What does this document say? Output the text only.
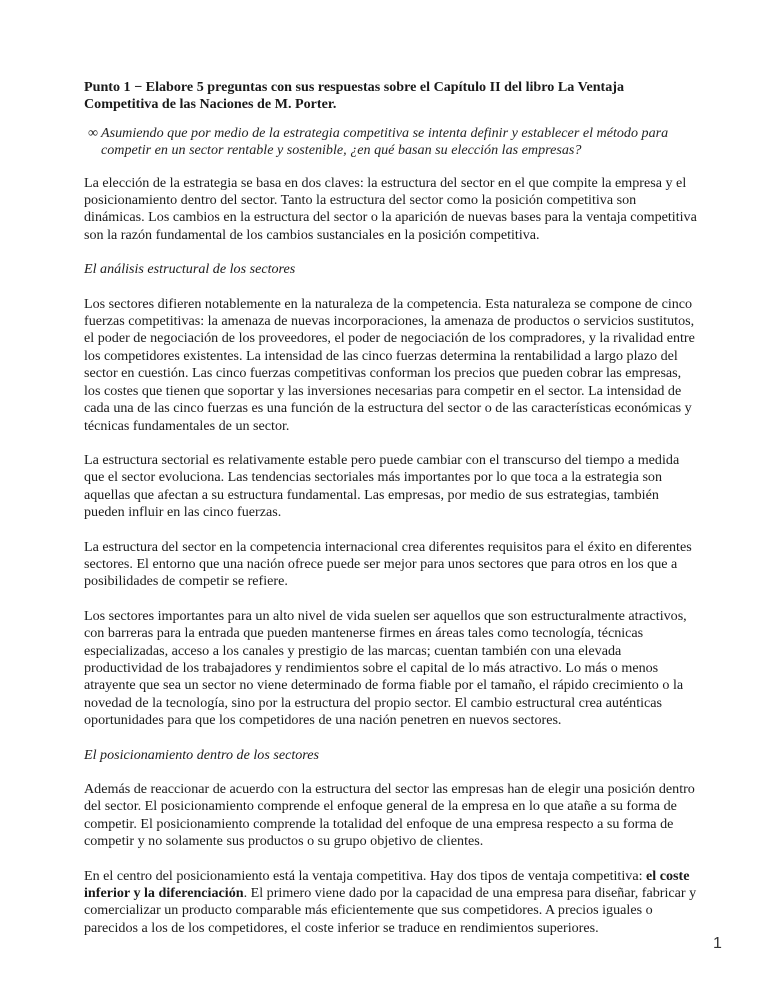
Punto 1 − Elabore 5 preguntas con sus respuestas sobre el Capítulo II del libro La Ventaja Competitiva de las Naciones de M. Porter.
∞ Asumiendo que por medio de la estrategia competitiva se intenta definir y establecer el método para competir en un sector rentable y sostenible, ¿en qué basan su elección las empresas?

La elección de la estrategia se basa en dos claves: la estructura del sector en el que compite la empresa y el posicionamiento dentro del sector. Tanto la estructura del sector como la posición competitiva son dinámicas. Los cambios en la estructura del sector o la aparición de nuevas bases para la ventaja competitiva son la razón fundamental de los cambios sustanciales en la posición competitiva.

El análisis estructural de los sectores

Los sectores difieren notablemente en la naturaleza de la competencia. Esta naturaleza se compone de cinco fuerzas competitivas: la amenaza de nuevas incorporaciones, la amenaza de productos o servicios sustitutos, el poder de negociación de los proveedores, el poder de negociación de los compradores, y la rivalidad entre los competidores existentes. La intensidad de las cinco fuerzas determina la rentabilidad a largo plazo del sector en cuestión. Las cinco fuerzas competitivas conforman los precios que pueden cobrar las empresas, los costes que tienen que soportar y las inversiones necesarias para competir en el sector. La intensidad de cada una de las cinco fuerzas es una función de la estructura del sector o de las características económicas y técnicas fundamentales de un sector.

La estructura sectorial es relativamente estable pero puede cambiar con el transcurso del tiempo a medida que el sector evoluciona. Las tendencias sectoriales más importantes por lo que toca a la estrategia son aquellas que afectan a su estructura fundamental. Las empresas, por medio de sus estrategias, también pueden influir en las cinco fuerzas.

La estructura del sector en la competencia internacional crea diferentes requisitos para el éxito en diferentes sectores. El entorno que una nación ofrece puede ser mejor para unos sectores que para otros en los que a posibilidades de competir se refiere.

Los sectores importantes para un alto nivel de vida suelen ser aquellos que son estructuralmente atractivos, con barreras para la entrada que pueden mantenerse firmes en áreas tales como tecnología, técnicas especializadas, acceso a los canales y prestigio de las marcas; cuentan también con una elevada productividad de los trabajadores y rendimientos sobre el capital de lo más atractivo. Lo más o menos atrayente que sea un sector no viene determinado de forma fiable por el tamaño, el rápido crecimiento o la novedad de la tecnología, sino por la estructura del propio sector. El cambio estructural crea auténticas oportunidades para que los competidores de una nación penetren en nuevos sectores.

El posicionamiento dentro de los sectores

Además de reaccionar de acuerdo con la estructura del sector las empresas han de elegir una posición dentro del sector. El posicionamiento comprende el enfoque general de la empresa en lo que atañe a su forma de competir. El posicionamiento comprende la totalidad del enfoque de una empresa respecto a su forma de competir y no solamente sus productos o su grupo objetivo de clientes.

En el centro del posicionamiento está la ventaja competitiva. Hay dos tipos de ventaja competitiva: el coste inferior y la diferenciación. El primero viene dado por la capacidad de una empresa para diseñar, fabricar y comercializar un producto comparable más eficientemente que sus competidores. A precios iguales o parecidos a los de los competidores, el coste inferior se traduce en rendimientos superiores.

1
